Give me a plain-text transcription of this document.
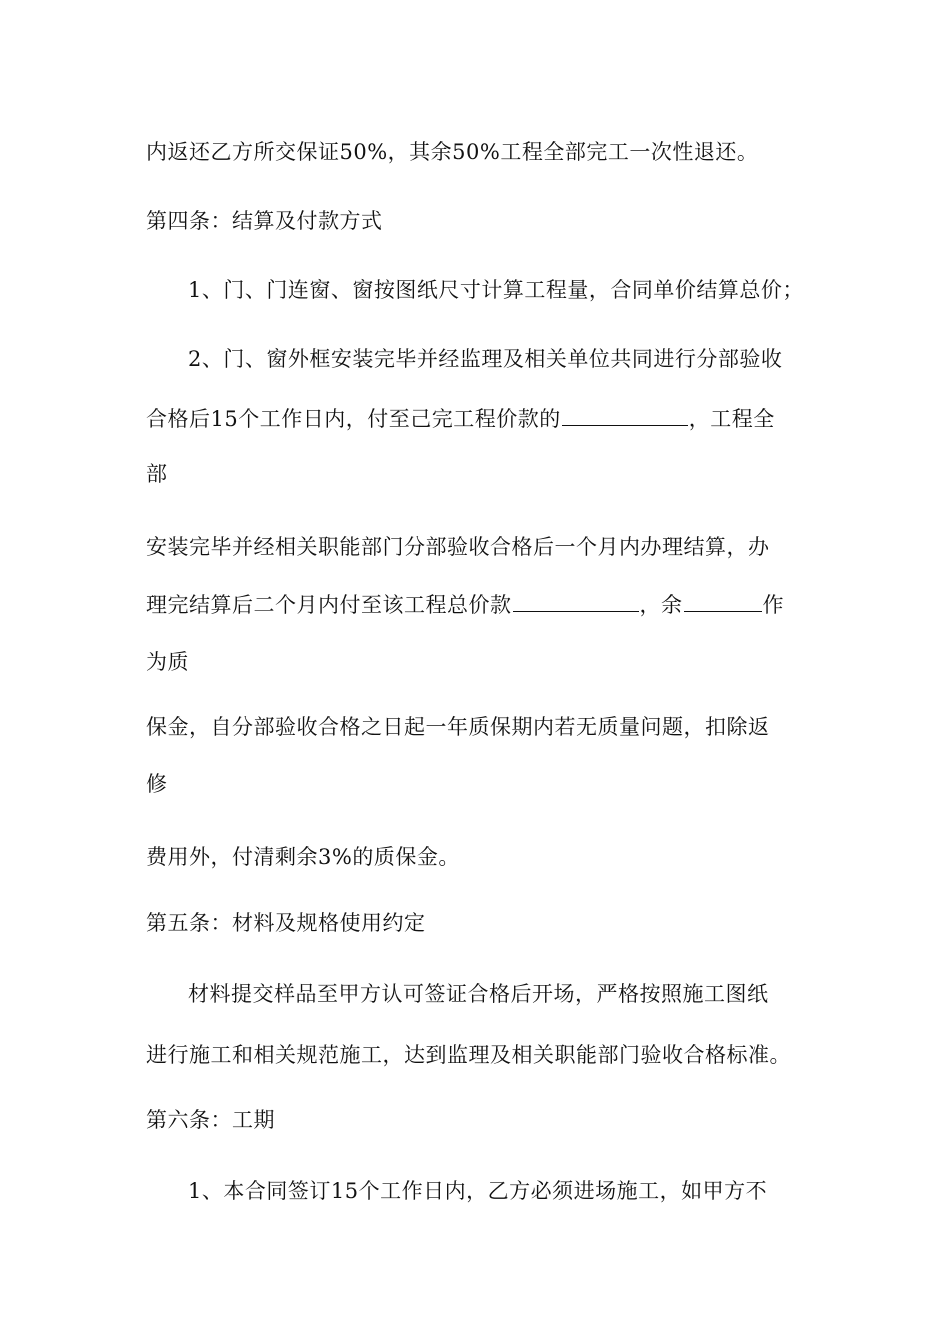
内返还乙方所交保证50%，其余50%工程全部完工一次性退还。
第四条：结算及付款方式
1、门、门连窗、窗按图纸尺寸计算工程量，合同单价结算总价；
2、门、窗外框安装完毕并经监理及相关单位共同进行分部验收
合格后15个工作日内，付至己完工程价款的	，工程全
部
安装完毕并经相关职能部门分部验收合格后一个月内办理结算，办
理完结算后二个月内付至该工程总价款	，余	作
为质
保金，自分部验收合格之日起一年质保期内若无质量问题，扣除返
修
费用外，付清剩余3%的质保金。
第五条：材料及规格使用约定
材料提交样品至甲方认可签证合格后开场，严格按照施工图纸
进行施工和相关规范施工，达到监理及相关职能部门验收合格标准。
第六条：工期
1、本合同签订15个工作日内，乙方必须进场施工，如甲方不
